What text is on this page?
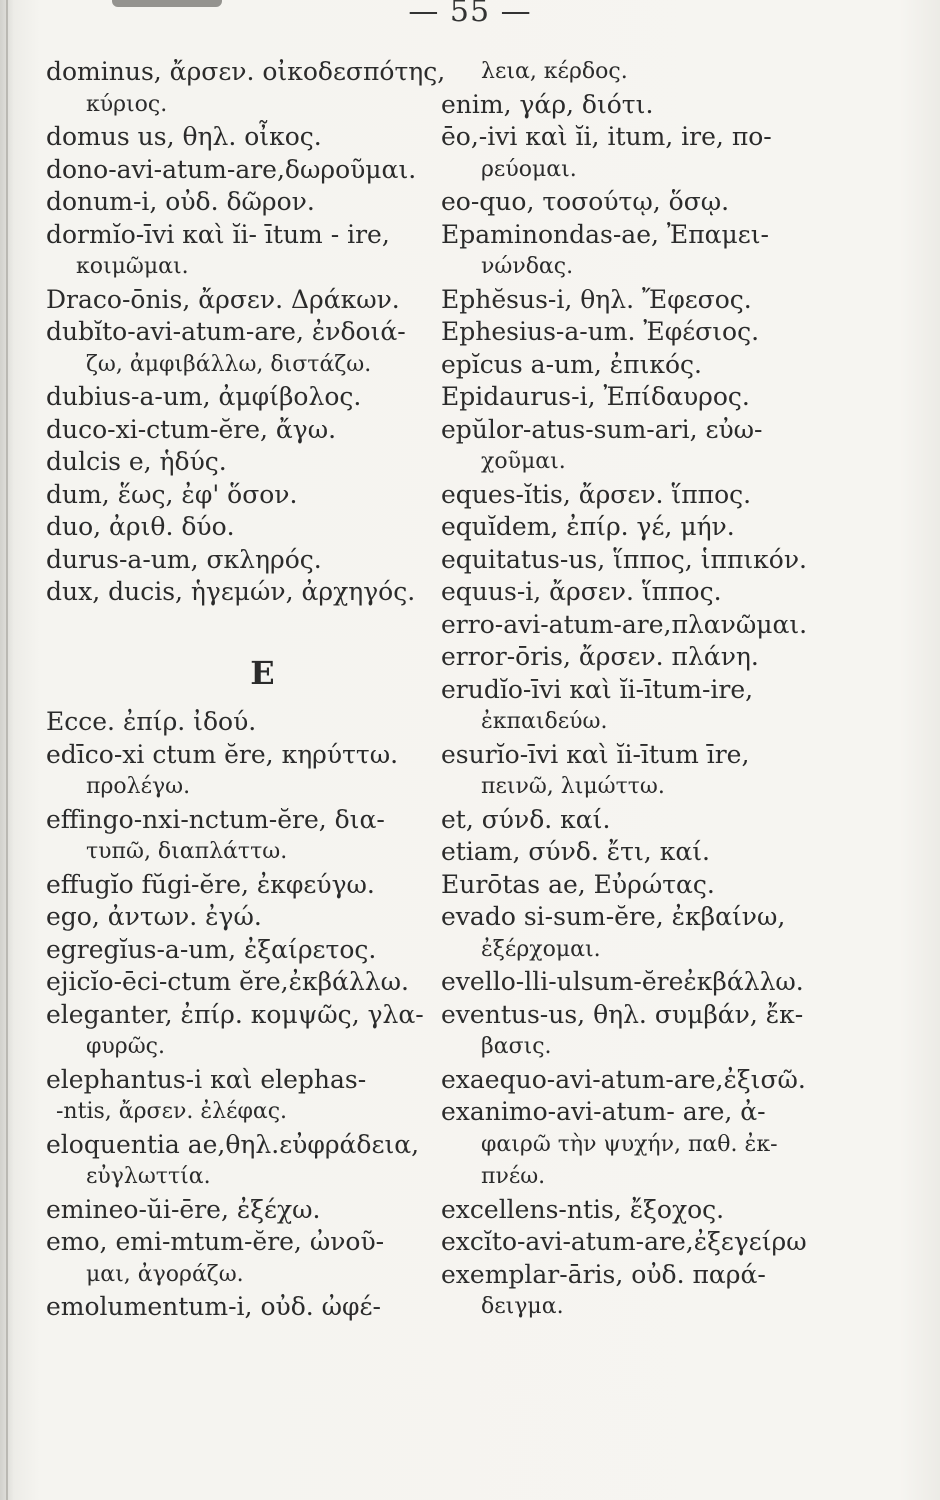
— 55 —
dominus, ἄρσεν. οἰκοδεσπότης,
κύριος.
domus us, θηλ. οἶκος.
dono-avi-atum-are,δωροῦμαι.
donum-i, οὐδ. δῶρον.
dormĭo-īvi καὶ ĭi- ītum - ire,
κοιμῶμαι.
Draco-ōnis, ἄρσεν. Δράκων.
dubĭto-avi-atum-are, ἐνδοιά-
ζω, ἀμφιβάλλω, διστάζω.
dubius-a-um, ἀμφίβολος.
duco-xi-ctum-ĕre, ἄγω.
dulcis e, ἡδύς.
dum, ἕως, ἐφ' ὅσον.
duo, ἀριθ. δύο.
durus-a-um, σκληρός.
dux, ducis, ἡγεμών, ἀρχηγός.
E
Ecce. ἐπίρ. ἰδού.
edīco-xi ctum ĕre, κηρύττω.
προλέγω.
effingo-nxi-nctum-ĕre, δια-
τυπῶ, διαπλάττω.
effugĭo fŭgi-ĕre, ἐκφεύγω.
ego, ἀντων. ἐγώ.
egregĭus-a-um, ἐξαίρετος.
ejicĭo-ēci-ctum ĕre,ἐκβάλλω.
eleganter, ἐπίρ. κομψῶς, γλα-
φυρῶς.
elephantus-i καὶ elephas-
-ntis, ἄρσεν. ἐλέφας.
eloquentia ae,θηλ.εὐφράδεια,
εὐγλωττία.
emineo-ŭi-ēre, ἐξέχω.
emo, emi-mtum-ĕre, ὠνοῦ-
μαι, ἀγοράζω.
emolumentum-i, οὐδ. ὠφέ-
λεια, κέρδος.
enim, γάρ, διότι.
ēo,-ivi καὶ ĭi, itum, ire, πο-
ρεύομαι.
eo-quo, τοσούτῳ, ὅσῳ.
Epaminondas-ae, Ἐπαμει-
νώνδας.
Ephĕsus-i, θηλ. Ἔφεσος.
Ephesius-a-um. Ἐφέσιος.
epĭcus a-um, ἐπικός.
Epidaurus-i, Ἐπίδαυρος.
epŭlor-atus-sum-ari, εὐω-
χοῦμαι.
eques-ĭtis, ἄρσεν. ἵππος.
equĭdem, ἐπίρ. γέ, μήν.
equitatus-us, ἵππος, ἱππικόν.
equus-i, ἄρσεν. ἵππος.
erro-avi-atum-are,πλανῶμαι.
error-ōris, ἄρσεν. πλάνη.
erudĭo-īvi καὶ ĭi-ītum-ire,
ἐκπαιδεύω.
esurĭo-īvi καὶ ĭi-ītum īre,
πεινῶ, λιμώττω.
et, σύνδ. καί.
etiam, σύνδ. ἔτι, καί.
Eurōtas ae, Εὐρώτας.
evado si-sum-ĕre, ἐκβαίνω,
ἐξέρχομαι.
evello-lli-ulsum-ĕreἐκβάλλω.
eventus-us, θηλ. συμβάν, ἔκ-
βασις.
exaequo-avi-atum-are,ἐξισῶ.
exanimo-avi-atum- are, ἀ-
φαιρῶ τὴν ψυχήν, παθ. ἐκ-
πνέω.
excellens-ntis, ἔξοχος.
excĭto-avi-atum-are,ἐξεγείρω
exemplar-āris, οὐδ. παρά-
δειγμα.
